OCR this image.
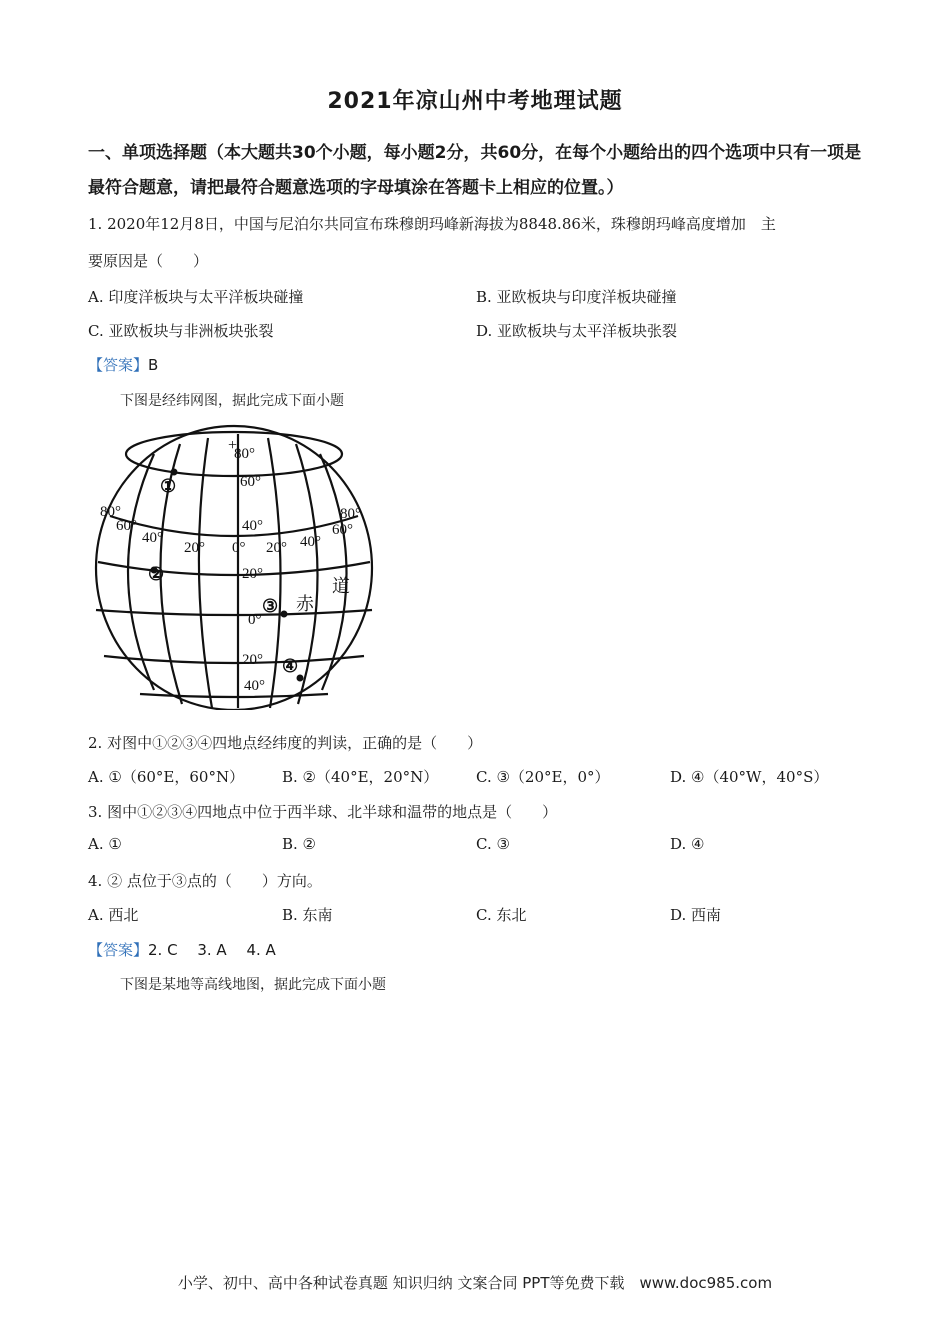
2021年凉山州中考地理试题
一、单项选择题（本大题共30个小题，每小题2分，共60分，在每个小题给出的四个选项中只有一项是最符合题意，请把最符合题意选项的字母填涂在答题卡上相应的位置。）
1. 2020年12月8日，中国与尼泊尔共同宣布珠穆朗玛峰新海拔为8848.86米，珠穆朗玛峰高度增加　主
要原因是（　　）
A. 印度洋板块与太平洋板块碰撞	B. 亚欧板块与印度洋板块碰撞
C. 亚欧板块与非洲板块张裂	D. 亚欧板块与太平洋板块张裂
【答案】B
下图是经纬网图，据此完成下面小题
+
80°
60°
40°
20°
0°
20°
40°
80°
60°
40°
20° 0° 20° 40°
60°
80°
①
②
③
④
赤
道
2. 对图中①②③④四地点经纬度的判读，正确的是（　　）
A. ①（60°E，60°N）	B. ②（40°E，20°N）	C. ③（20°E，0°）	D. ④（40°W，40°S）
3. 图中①②③④四地点中位于西半球、北半球和温带的地点是（　　）
A. ①	B. ②	C. ③	D. ④
4. ② 点位于③点的（　　）方向。
A. 西北	B. 东南	C. 东北	D. 西南
【答案】2. C　 3. A　 4. A
下图是某地等高线地图，据此完成下面小题
小学、初中、高中各种试卷真题 知识归纳 文案合同 PPT等免费下载　www.doc985.com
